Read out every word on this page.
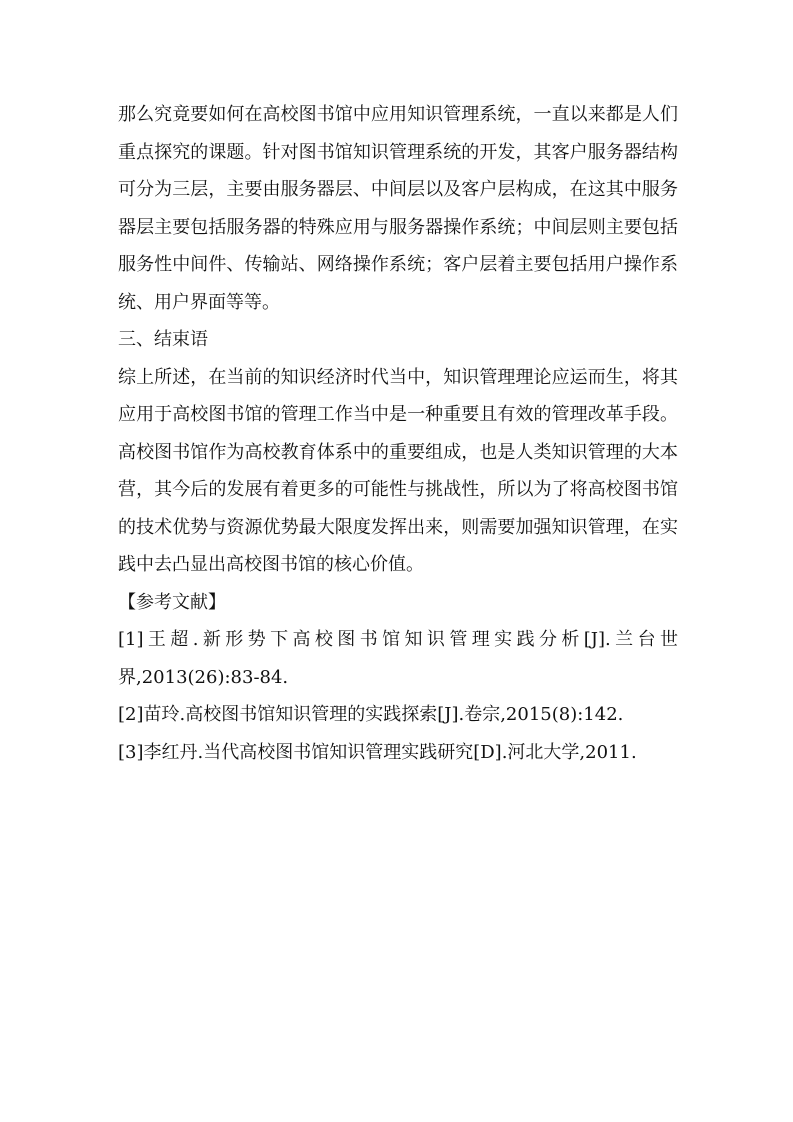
那么究竟要如何在高校图书馆中应用知识管理系统，一直以来都是人们重点探究的课题。针对图书馆知识管理系统的开发，其客户服务器结构可分为三层，主要由服务器层、中间层以及客户层构成，在这其中服务器层主要包括服务器的特殊应用与服务器操作系统；中间层则主要包括服务性中间件、传输站、网络操作系统；客户层着主要包括用户操作系统、用户界面等等。

三、结束语

综上所述，在当前的知识经济时代当中，知识管理理论应运而生，将其应用于高校图书馆的管理工作当中是一种重要且有效的管理改革手段。高校图书馆作为高校教育体系中的重要组成，也是人类知识管理的大本营，其今后的发展有着更多的可能性与挑战性，所以为了将高校图书馆的技术优势与资源优势最大限度发挥出来，则需要加强知识管理，在实践中去凸显出高校图书馆的核心价值。

【参考文献】

[1]王超.新形势下高校图书馆知识管理实践分析[J].兰台世界,2013(26):83-84.

[2]苗玲.高校图书馆知识管理的实践探索[J].卷宗,2015(8):142.

[3]李红丹.当代高校图书馆知识管理实践研究[D].河北大学,2011.
